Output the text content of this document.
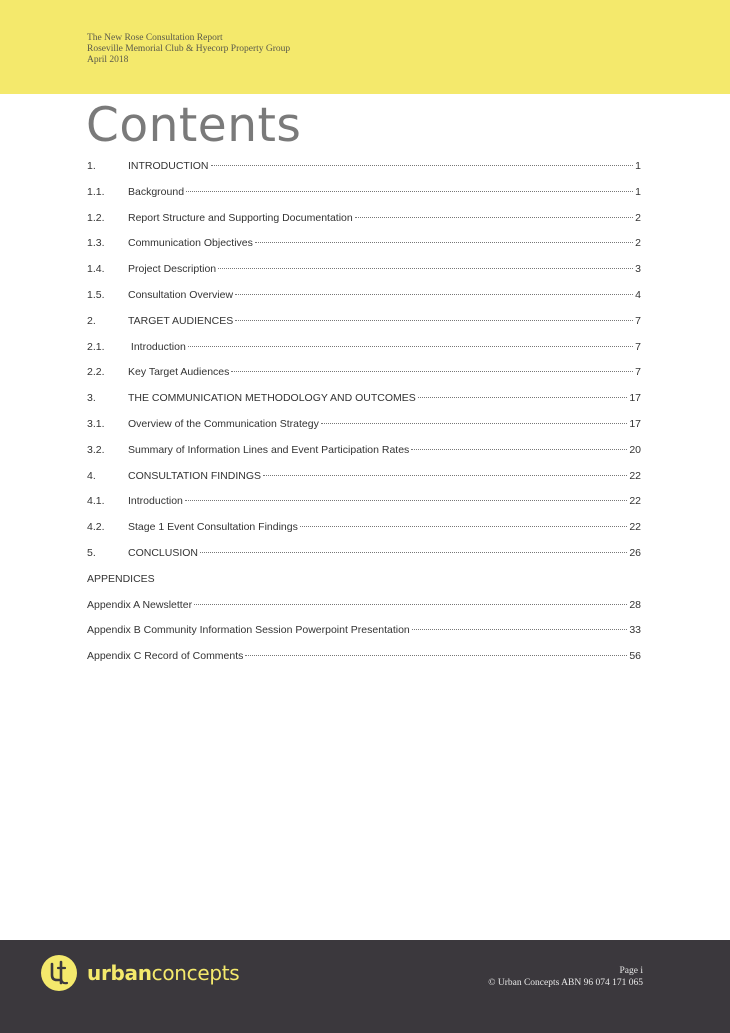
The New Rose Consultation Report
Roseville Memorial Club & Hyecorp Property Group
April 2018
Contents
1.	INTRODUCTION	1
1.1.	Background	1
1.2.	Report Structure and Supporting Documentation	2
1.3.	Communication Objectives	2
1.4.	Project Description	3
1.5.	Consultation Overview	4
2.	TARGET AUDIENCES	7
2.1.	Introduction	7
2.2.	Key Target Audiences	7
3.	THE COMMUNICATION METHODOLOGY AND OUTCOMES	17
3.1.	Overview of the Communication Strategy	17
3.2.	Summary of Information Lines and Event Participation Rates	20
4.	CONSULTATION FINDINGS	22
4.1.	Introduction	22
4.2.	Stage 1 Event Consultation Findings	22
5.	CONCLUSION	26
APPENDICES
Appendix A Newsletter	28
Appendix B Community Information Session Powerpoint Presentation	33
Appendix C Record of Comments	56
urbanconcepts	Page i
© Urban Concepts ABN 96 074 171 065
